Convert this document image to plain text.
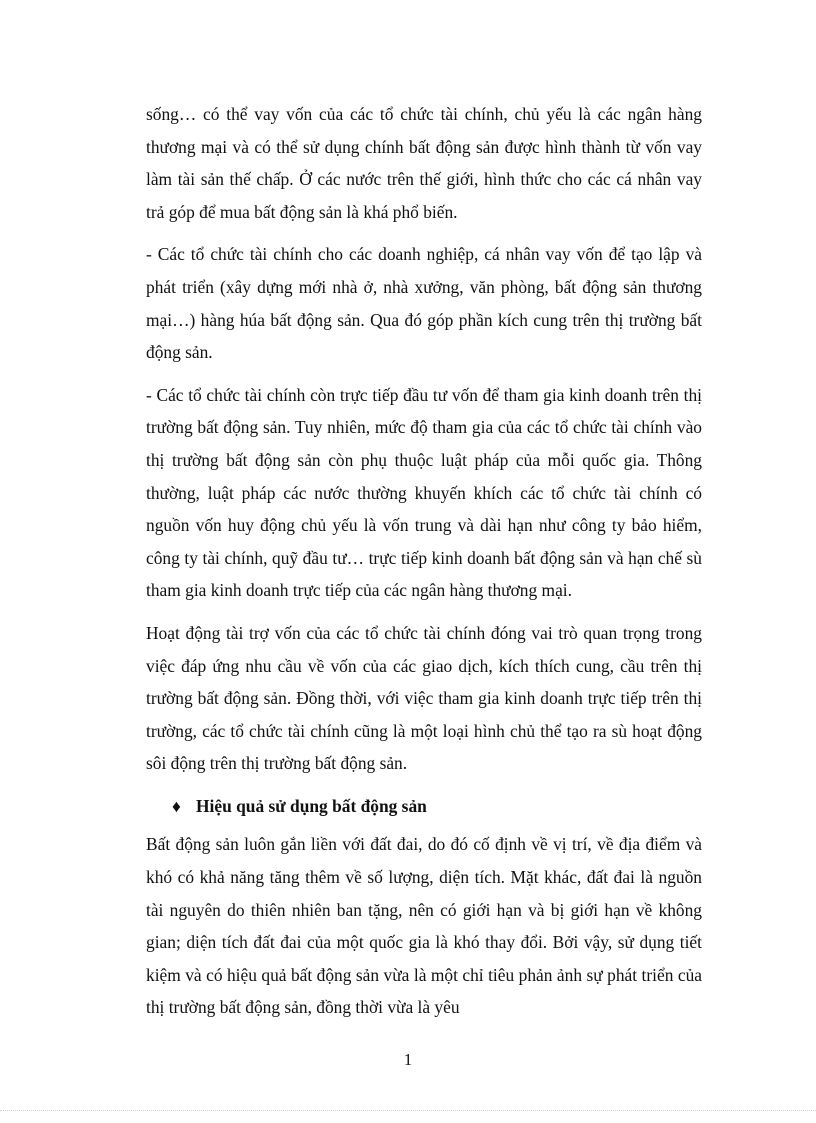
sống… có thể vay vốn của các tổ chức tài chính, chủ yếu là các ngân hàng thương mại và có thể sử dụng chính bất động sản được hình thành từ vốn vay làm tài sản thế chấp. Ở các nước trên thế giới, hình thức cho các cá nhân vay trả góp để mua bất động sản là khá phổ biến.

- Các tổ chức tài chính cho các doanh nghiệp, cá nhân vay vốn để tạo lập và phát triển (xây dựng mới nhà ở, nhà xưởng, văn phòng, bất động sản thương mại…) hàng húa bất động sản. Qua đó góp phần kích cung trên thị trường bất động sản.

- Các tổ chức tài chính còn trực tiếp đầu tư vốn để tham gia kinh doanh trên thị trường bất động sản. Tuy nhiên, mức độ tham gia của các tổ chức tài chính vào thị trường bất động sản còn phụ thuộc luật pháp của mỗi quốc gia. Thông thường, luật pháp các nước thường khuyến khích các tổ chức tài chính có nguồn vốn huy động chủ yếu là vốn trung và dài hạn như công ty bảo hiểm, công ty tài chính, quỹ đầu tư… trực tiếp kinh doanh bất động sản và hạn chế sù tham gia kinh doanh trực tiếp của các ngân hàng thương mại.

Hoạt động tài trợ vốn của các tổ chức tài chính đóng vai trò quan trọng trong việc đáp ứng nhu cầu về vốn của các giao dịch, kích thích cung, cầu trên thị trường bất động sản. Đồng thời, với việc tham gia kinh doanh trực tiếp trên thị trường, các tổ chức tài chính cũng là một loại hình chủ thể tạo ra sù hoạt động sôi động trên thị trường bất động sản.

♦ Hiệu quả sử dụng bất động sản

Bất động sản luôn gắn liền với đất đai, do đó cố định về vị trí, về địa điểm và khó có khả năng tăng thêm về số lượng, diện tích. Mặt khác, đất đai là nguồn tài nguyên do thiên nhiên ban tặng, nên có giới hạn và bị giới hạn về không gian; diện tích đất đai của một quốc gia là khó thay đổi. Bởi vậy, sử dụng tiết kiệm và có hiệu quả bất động sản vừa là một chỉ tiêu phản ảnh sự phát triển của thị trường bất động sản, đồng thời vừa là yêu

1
